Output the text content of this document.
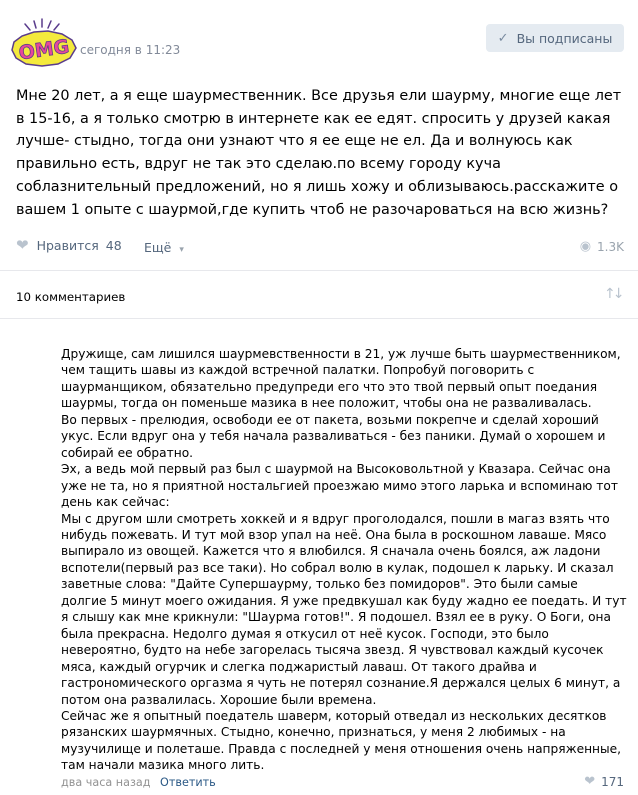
OMG сегодня в 11:23
✓ Вы подписаны
Мне 20 лет, а я еще шаурмественник. Все друзья ели шаурму, многие еще лет в 15-16, а я только смотрю в интернете как ее едят. спросить у друзей какая лучше- стыдно, тогда они узнают что я ее еще не ел. Да и волнуюсь как правильно есть, вдруг не так это сделаю.по всему городу куча соблазнительный предложений, но я лишь хожу и облизываюсь.расскажите о вашем 1 опыте с шаурмой,где купить чтоб не разочароваться на всю жизнь?
❤ Нравится 48 Ещё ▾	◉ 1.3K
10 комментариев	↑↓

Дружище, сам лишился шаурмевственности в 21, уж лучше быть шаурмественником, чем тащить шавы из каждой встречной палатки. Попробуй поговорить с шаурманщиком, обязательно предупреди его что это твой первый опыт поедания шаурмы, тогда он поменьше мазика в нее положит, чтобы она не разваливалась.

Во первых - прелюдия, освободи ее от пакета, возьми покрепче и сделай хороший укус. Если вдруг она у тебя начала разваливаться - без паники. Думай о хорошем и собирай ее обратно.

Эх, а ведь мой первый раз был с шаурмой на Высоковольтной у Квазара. Сейчас она уже не та, но я приятной ностальгией проезжаю мимо этого ларька и вспоминаю тот день как сейчас:

Мы с другом шли смотреть хоккей и я вдруг проголодался, пошли в магаз взять что нибудь пожевать. И тут мой взор упал на неё. Она была в роскошном лаваше. Мясо выпирало из овощей. Кажется что я влюбился. Я сначала очень боялся, аж ладони вспотели(первый раз все таки). Но собрал волю в кулак, подошел к ларьку. И сказал заветные слова: "Дайте Супершаурму, только без помидоров". Это были самые долгие 5 минут моего ожидания. Я уже предвкушал как буду жадно ее поедать. И тут я слышу как мне крикнули: "Шаурма готов!". Я подошел. Взял ее в руку. О Боги, она была прекрасна. Недолго думая я откусил от неё кусок. Господи, это было невероятно, будто на небе загорелась тысяча звезд. Я чувствовал каждый кусочек мяса, каждый огурчик и слегка поджаристый лаваш. От такого драйва и гастрономического оргазма я чуть не потерял сознание.Я держался целых 6 минут, а потом она развалилась. Хорошие были времена.

Сейчас же я опытный поедатель шаверм, который отведал из нескольких десятков рязанских шаурмячных. Стыдно, конечно, признаться, у меня 2 любимых - на музучилище и полеташе. Правда с последней у меня отношения очень напряженные, там начали мазика много лить.

два часа назад Ответить	❤ 171
